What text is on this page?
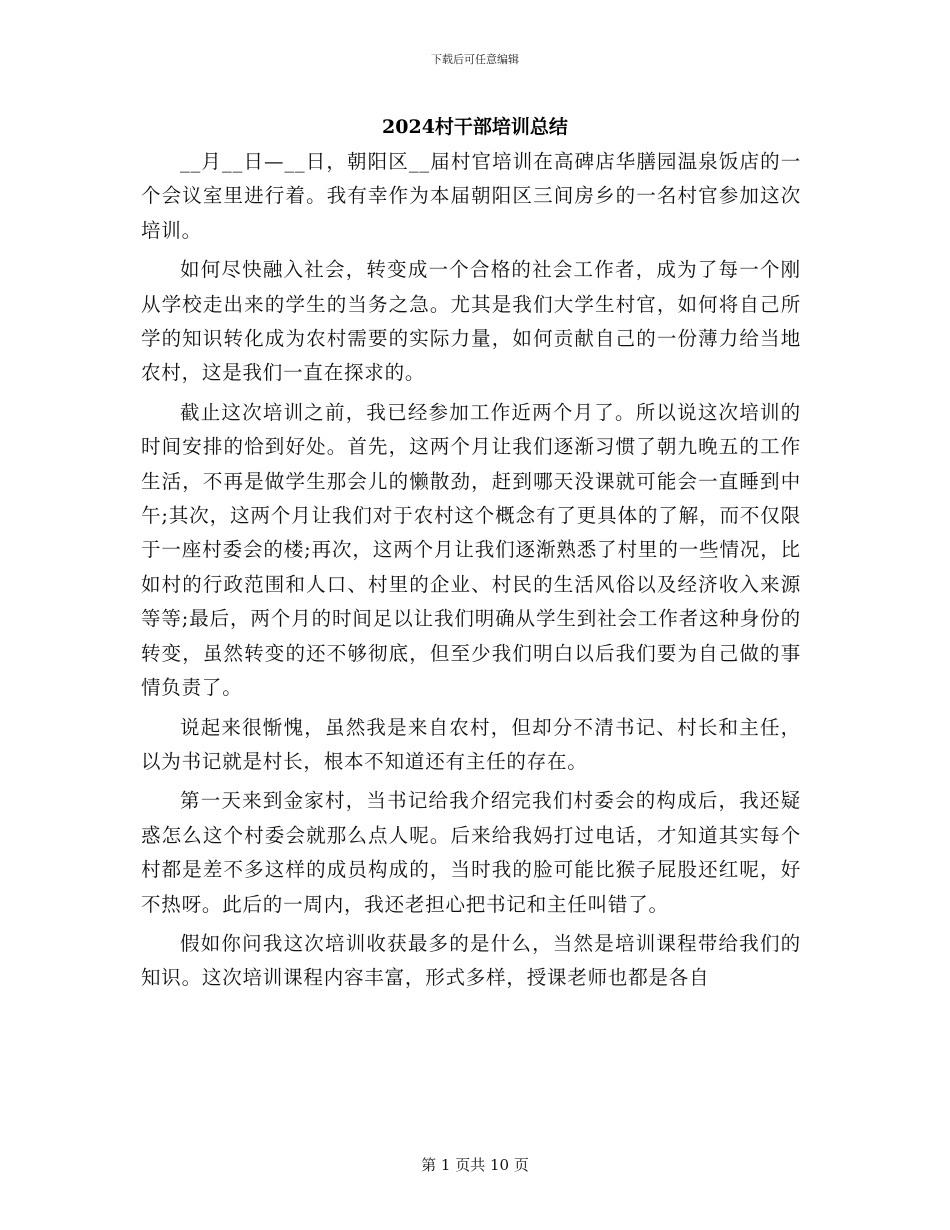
下载后可任意编辑
2024村干部培训总结

__月__日—__日，朝阳区__届村官培训在高碑店华膳园温泉饭店的一个会议室里进行着。我有幸作为本届朝阳区三间房乡的一名村官参加这次培训。

如何尽快融入社会，转变成一个合格的社会工作者，成为了每一个刚从学校走出来的学生的当务之急。尤其是我们大学生村官，如何将自己所学的知识转化成为农村需要的实际力量，如何贡献自己的一份薄力给当地农村，这是我们一直在探求的。

截止这次培训之前，我已经参加工作近两个月了。所以说这次培训的时间安排的恰到好处。首先，这两个月让我们逐渐习惯了朝九晚五的工作生活，不再是做学生那会儿的懒散劲，赶到哪天没课就可能会一直睡到中午;其次，这两个月让我们对于农村这个概念有了更具体的了解，而不仅限于一座村委会的楼;再次，这两个月让我们逐渐熟悉了村里的一些情况，比如村的行政范围和人口、村里的企业、村民的生活风俗以及经济收入来源等等;最后，两个月的时间足以让我们明确从学生到社会工作者这种身份的转变，虽然转变的还不够彻底，但至少我们明白以后我们要为自己做的事情负责了。

说起来很惭愧，虽然我是来自农村，但却分不清书记、村长和主任，以为书记就是村长，根本不知道还有主任的存在。

第一天来到金家村，当书记给我介绍完我们村委会的构成后，我还疑惑怎么这个村委会就那么点人呢。后来给我妈打过电话，才知道其实每个村都是差不多这样的成员构成的，当时我的脸可能比猴子屁股还红呢，好不热呀。此后的一周内，我还老担心把书记和主任叫错了。

假如你问我这次培训收获最多的是什么，当然是培训课程带给我们的知识。这次培训课程内容丰富，形式多样，授课老师也都是各自

第 1 页共 10 页
